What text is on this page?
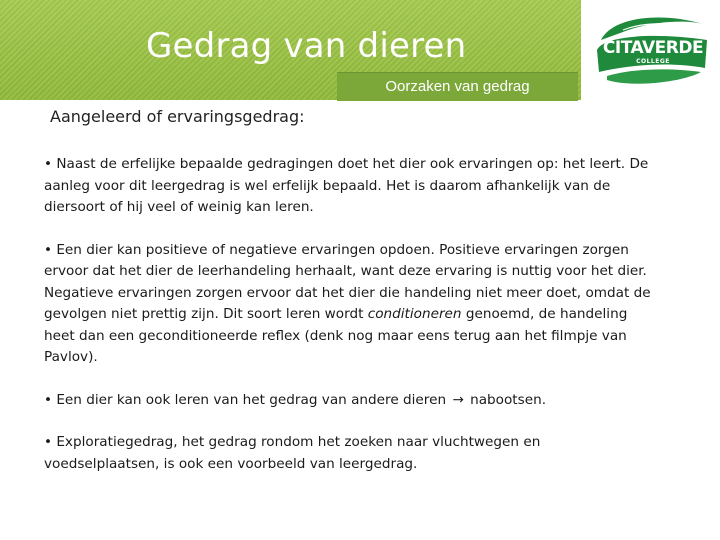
Gedrag van dieren
Oorzaken van gedrag
CITAVERDE
COLLEGE
Aangeleerd of ervaringsgedrag:

• Naast de erfelijke bepaalde gedragingen doet het dier ook ervaringen op: het leert. De aanleg voor dit leergedrag is wel erfelijk bepaald. Het is daarom afhankelijk van de diersoort of hij veel of weinig kan leren.

• Een dier kan positieve of negatieve ervaringen opdoen. Positieve ervaringen zorgen ervoor dat het dier de leerhandeling herhaalt, want deze ervaring is nuttig voor het dier. Negatieve ervaringen zorgen ervoor dat het dier die handeling niet meer doet, omdat de gevolgen niet prettig zijn. Dit soort leren wordt conditioneren genoemd, de handeling heet dan een geconditioneerde reflex (denk nog maar eens terug aan het filmpje van Pavlov).

• Een dier kan ook leren van het gedrag van andere dieren → nabootsen.

• Exploratiegedrag, het gedrag rondom het zoeken naar vluchtwegen en voedselplaatsen, is ook een voorbeeld van leergedrag.
